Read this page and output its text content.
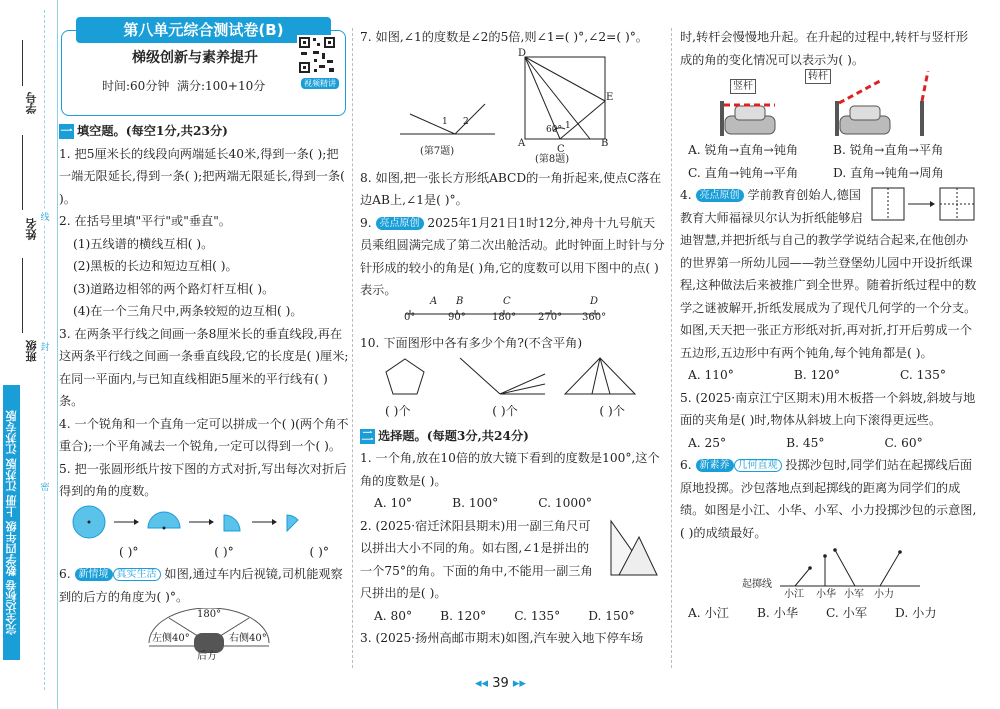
完全达标卷 数学四年级 上册 江苏版 江苏专版
学号
姓名
班级
线
封
密
第八单元综合测试卷(B)
梯级创新与素养提升
时间:60分钟 满分:100+10分	视频精讲
一 填空题。(每空1分,共23分)
1. 把5厘米长的线段向两端延长40米,得到一条( );把一端无限延长,得到一条( );把两端无限延长,得到一条( )。
2. 在括号里填"平行"或"垂直"。
(1)五线谱的横线互相( )。
(2)黑板的长边和短边互相( )。
(3)道路边相邻的两个路灯杆互相( )。
(4)在一个三角尺中,两条较短的边互相( )。
3. 在两条平行线之间画一条8厘米长的垂直线段,再在这两条平行线之间画一条垂直线段,它的长度是( )厘米;在同一平面内,与已知直线相距5厘米的平行线有( )条。
4. 一个锐角和一个直角一定可以拼成一个( )(两个角不重合);一个平角减去一个锐角,一定可以得到一个( )。
5. 把一张圆形纸片按下图的方式对折,写出每次对折后得到的角的度数。
( )°	( )°	( )°
6. 新情境 真实生活 如图,通过车内后视镜,司机能观察到的后方的角度为( )°。
180°
左侧40°	右侧40°
后方
7. 如图,∠1的度数是∠2的5倍,则∠1=( )°,∠2=( )°。
1 2
D
A
C
B
E
60° 1
(第7题)
(第8题)
8. 如图,把一张长方形纸ABCD的一角折起来,使点C落在边AB上,∠1是( )°。
9. 亮点原创 2025年1月21日1时12分,神舟十九号航天员乘组圆满完成了第二次出舱活动。此时钟面上时针与分针形成的较小的角是( )角,它的度数可以用下图中的点( )表示。
0°	90°	180° 270° 360°
A B	C	D
10. 下面图形中各有多少个角?(不含平角)
( )个	( )个	( )个
二 选择题。(每题3分,共24分)
1. 一个角,放在10倍的放大镜下看到的度数是100°,这个角的度数是( )。
A. 10°	B. 100°	C. 1000°
2. (2025·宿迁沭阳县期末)用一副三角尺可以拼出大小不同的角。如右图,∠1是拼出的一个75°的角。下面的角中,不能用一副三角尺拼出的是( )。
A. 80° B. 120° C. 135° D. 150°
3. (2025·扬州高邮市期末)如图,汽车驶入地下停车场
时,转杆会慢慢地升起。在升起的过程中,转杆与竖杆形成的角的变化情况可以表示为( )。
竖杆
转杆
A. 锐角→直角→钝角	B. 锐角→直角→平角
C. 直角→钝角→平角	D. 直角→钝角→周角
4. 亮点原创 学前教育创始人,德国教育大师福禄贝尔认为折纸能够启迪智慧,并把折纸与自己的教学学说结合起来,在他创办的世界第一所幼儿园——勃兰登堡幼儿园中开设折纸课程,这种做法后来被推广到全世界。随着折纸过程中的数学之谜被解开,折纸发展成为了现代几何学的一个分支。如图,天天把一张正方形纸对折,再对折,打开后剪成一个五边形,五边形中有两个钝角,每个钝角都是( )。
A. 110°	B. 120°	C. 135°
5. (2025·南京江宁区期末)用木板搭一个斜坡,斜坡与地面的夹角是( )时,物体从斜坡上向下滚得更远些。
A. 25°	B. 45°	C. 60°
6. 新素养 几何直观 投掷沙包时,同学们站在起掷线后面原地投掷。沙包落地点到起掷线的距离为同学们的成绩。如图是小江、小华、小军、小力投掷沙包的示意图,( )的成绩最好。
起掷线
小江 小华 小军 小力
A. 小江 B. 小华 C. 小军 D. 小力
◂◂ 39 ▸▸
